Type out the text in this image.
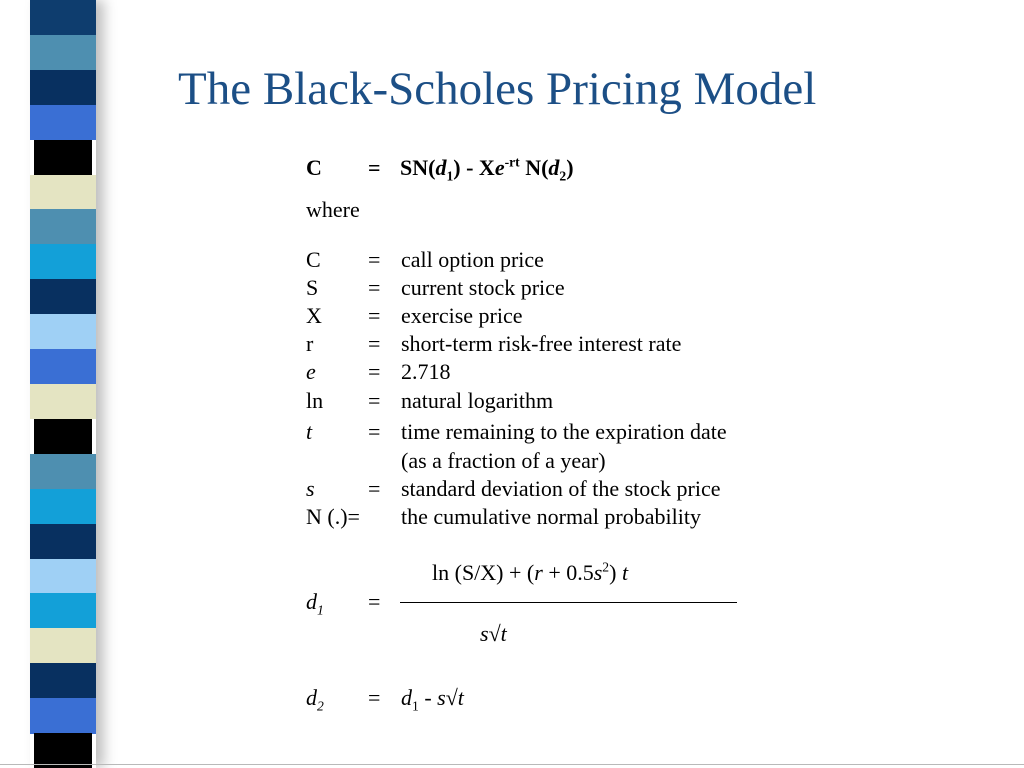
The Black-Scholes Pricing Model
$C = SN(d_1) - Xe^{-rt}$ $N(d_2)$
where
C = call option price
S = current stock price
X = exercise price
r = short-term risk-free interest rate
e = 2.718
ln = natural logarithm
t	= time remaining to the expiration date
(as a fraction of a year)
s = standard deviation of the stock price
N (.)= the cumulative normal probability
$d_1$ =
$\ln (S/X) + (r + 0.5s^2)$ t
s√t
$d_2 = d_1 - s√t$
